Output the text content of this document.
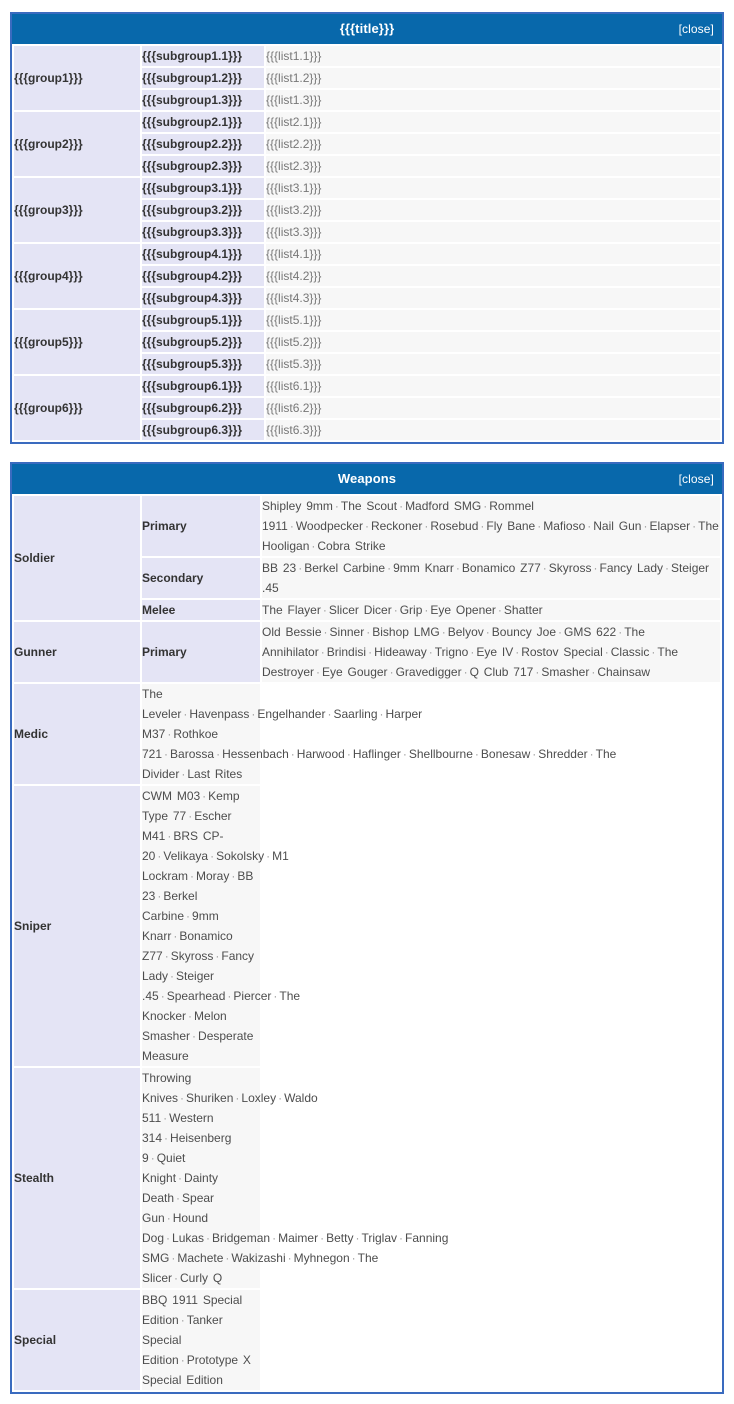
{{{title}}}	[close]
{{{group1}}}	{{{subgroup1.1}}}	{{{list1.1}}}
	{{{subgroup1.2}}}	{{{list1.2}}}
	{{{subgroup1.3}}}	{{{list1.3}}}
{{{group2}}}	{{{subgroup2.1}}}	{{{list2.1}}}
	{{{subgroup2.2}}}	{{{list2.2}}}
	{{{subgroup2.3}}}	{{{list2.3}}}
{{{group3}}}	{{{subgroup3.1}}}	{{{list3.1}}}
	{{{subgroup3.2}}}	{{{list3.2}}}
	{{{subgroup3.3}}}	{{{list3.3}}}
{{{group4}}}	{{{subgroup4.1}}}	{{{list4.1}}}
	{{{subgroup4.2}}}	{{{list4.2}}}
	{{{subgroup4.3}}}	{{{list4.3}}}
{{{group5}}}	{{{subgroup5.1}}}	{{{list5.1}}}
	{{{subgroup5.2}}}	{{{list5.2}}}
	{{{subgroup5.3}}}	{{{list5.3}}}
{{{group6}}}	{{{subgroup6.1}}}	{{{list6.1}}}
	{{{subgroup6.2}}}	{{{list6.2}}}
	{{{subgroup6.3}}}	{{{list6.3}}}
Weapons	[close]
Soldier	Primary	Shipley 9mm · The Scout · Madford SMG · Rommel 1911 · Woodpecker · Reckoner · Rosebud · Fly Bane · Mafioso · Nail Gun · Elapser · The Hooligan · Cobra Strike
	Secondary	BB 23 · Berkel Carbine · 9mm Knarr · Bonamico Z77 · Skyross · Fancy Lady · Steiger .45
	Melee	The Flayer · Slicer Dicer · Grip · Eye Opener · Shatter
Gunner	Primary	Old Bessie · Sinner · Bishop LMG · Belyov · Bouncy Joe · GMS 622 · The Annihilator · Brindisi · Hideaway · Trigno · Eye IV · Rostov Special · Classic · The Destroyer · Eye Gouger · Gravedigger · Q Club 717 · Smasher · Chainsaw
Medic	The Leveler · Havenpass · Engelhander · Saarling · Harper M37 · Rothkoe 721 · Barossa · Hessenbach · Harwood · Haflinger · Shellbourne · Bonesaw · Shredder · The Divider · Last Rites	
Sniper	CWM M03 · Kemp Type 77 · Escher M41 · BRS CP-20 · Velikaya · Sokolsky · M1 Lockram · Moray · BB 23 · Berkel Carbine · 9mm Knarr · Bonamico Z77 · Skyross · Fancy Lady · Steiger .45 · Spearhead · Piercer · The Knocker · Melon Smasher · Desperate Measure	
Stealth	Throwing Knives · Shuriken · Loxley · Waldo 511 · Western 314 · Heisenberg 9 · Quiet Knight · Dainty Death · Spear Gun · Hound Dog · Lukas · Bridgeman · Maimer · Betty · Triglav · Fanning SMG · Machete · Wakizashi · Myhnegon · The Slicer · Curly Q	
Special	BBQ 1911 Special Edition · Tanker Special Edition · Prototype X Special Edition	
